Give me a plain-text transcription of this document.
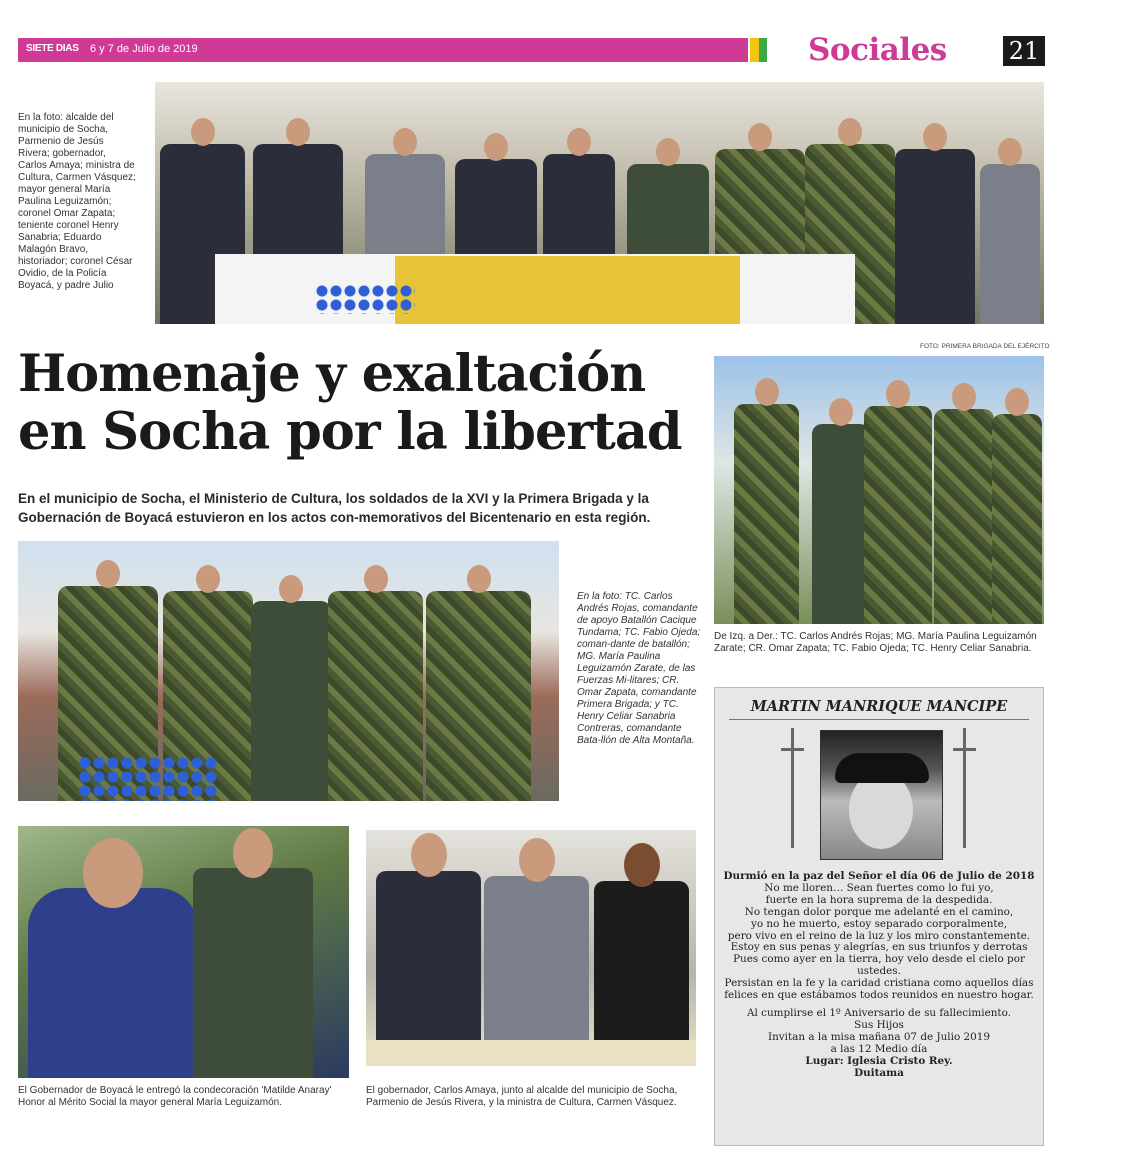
SIETE DIAS 6 y 7 de Julio de 2019	Sociales	21
En la foto: alcalde del municipio de Socha, Parmenio de Jesús Rivera; gobernador, Carlos Amaya; ministra de Cultura, Carmen Vásquez; mayor general María Paulina Leguizamón; coronel Omar Zapata; teniente coronel Henry Sanabria; Eduardo Malagón Bravo, historiador; coronel César Ovidio, de la Policía Boyacá, y padre Julio
FOTO: PRIMERA BRIGADA DEL EJÉRCITO
Homenaje y exaltación
en Socha por la libertad
En el municipio de Socha, el Ministerio de Cultura, los soldados de la XVI y la Primera Brigada y la Gobernación de Boyacá estuvieron en los actos con-memorativos del Bicentenario en esta región.
De Izq. a Der.: TC. Carlos Andrés Rojas; MG. María Paulina Leguizamón Zarate; CR. Omar Zapata; TC. Fabio Ojeda; TC. Henry Celiar Sanabria.
En la foto: TC. Carlos Andrés Rojas, comandante de apoyo Batallón Cacique Tundama; TC. Fabio Ojeda; coman-dante de batallón; MG. María Paulina Leguizamón Zarate, de las Fuerzas Mi-litares; CR. Omar Zapata, comandante Primera Brigada; y TC. Henry Celiar Sanabria Contreras, comandante Bata-llón de Alta Montaña.
El Gobernador de Boyacá le entregó la condecoración 'Matilde Anaray' Honor al Mérito Social la mayor general María Leguizamón.
El gobernador, Carlos Amaya, junto al alcalde del municipio de Socha, Parmenio de Jesús Rivera, y la ministra de Cultura, Carmen Vásquez.
MARTIN MANRIQUE MANCIPE

Durmió en la paz del Señor el día 06 de Julio de 2018

No me lloren… Sean fuertes como lo fui yo,

fuerte en la hora suprema de la despedida.

No tengan dolor porque me adelanté en el camino,

yo no he muerto, estoy separado corporalmente,

pero vivo en el reino de la luz y los miro constantemente.

Estoy en sus penas y alegrías, en sus triunfos y derrotas

Pues como ayer en la tierra, hoy velo desde el cielo por

ustedes.

Persistan en la fe y la caridad cristiana como aquellos días

felices en que estábamos todos reunidos en nuestro hogar.

Al cumplirse el 1º Aniversario de su fallecimiento.

Sus Hijos

Invitan a la misa mañana 07 de Julio 2019

a las 12 Medio día

Lugar: Iglesia Cristo Rey.

Duitama
